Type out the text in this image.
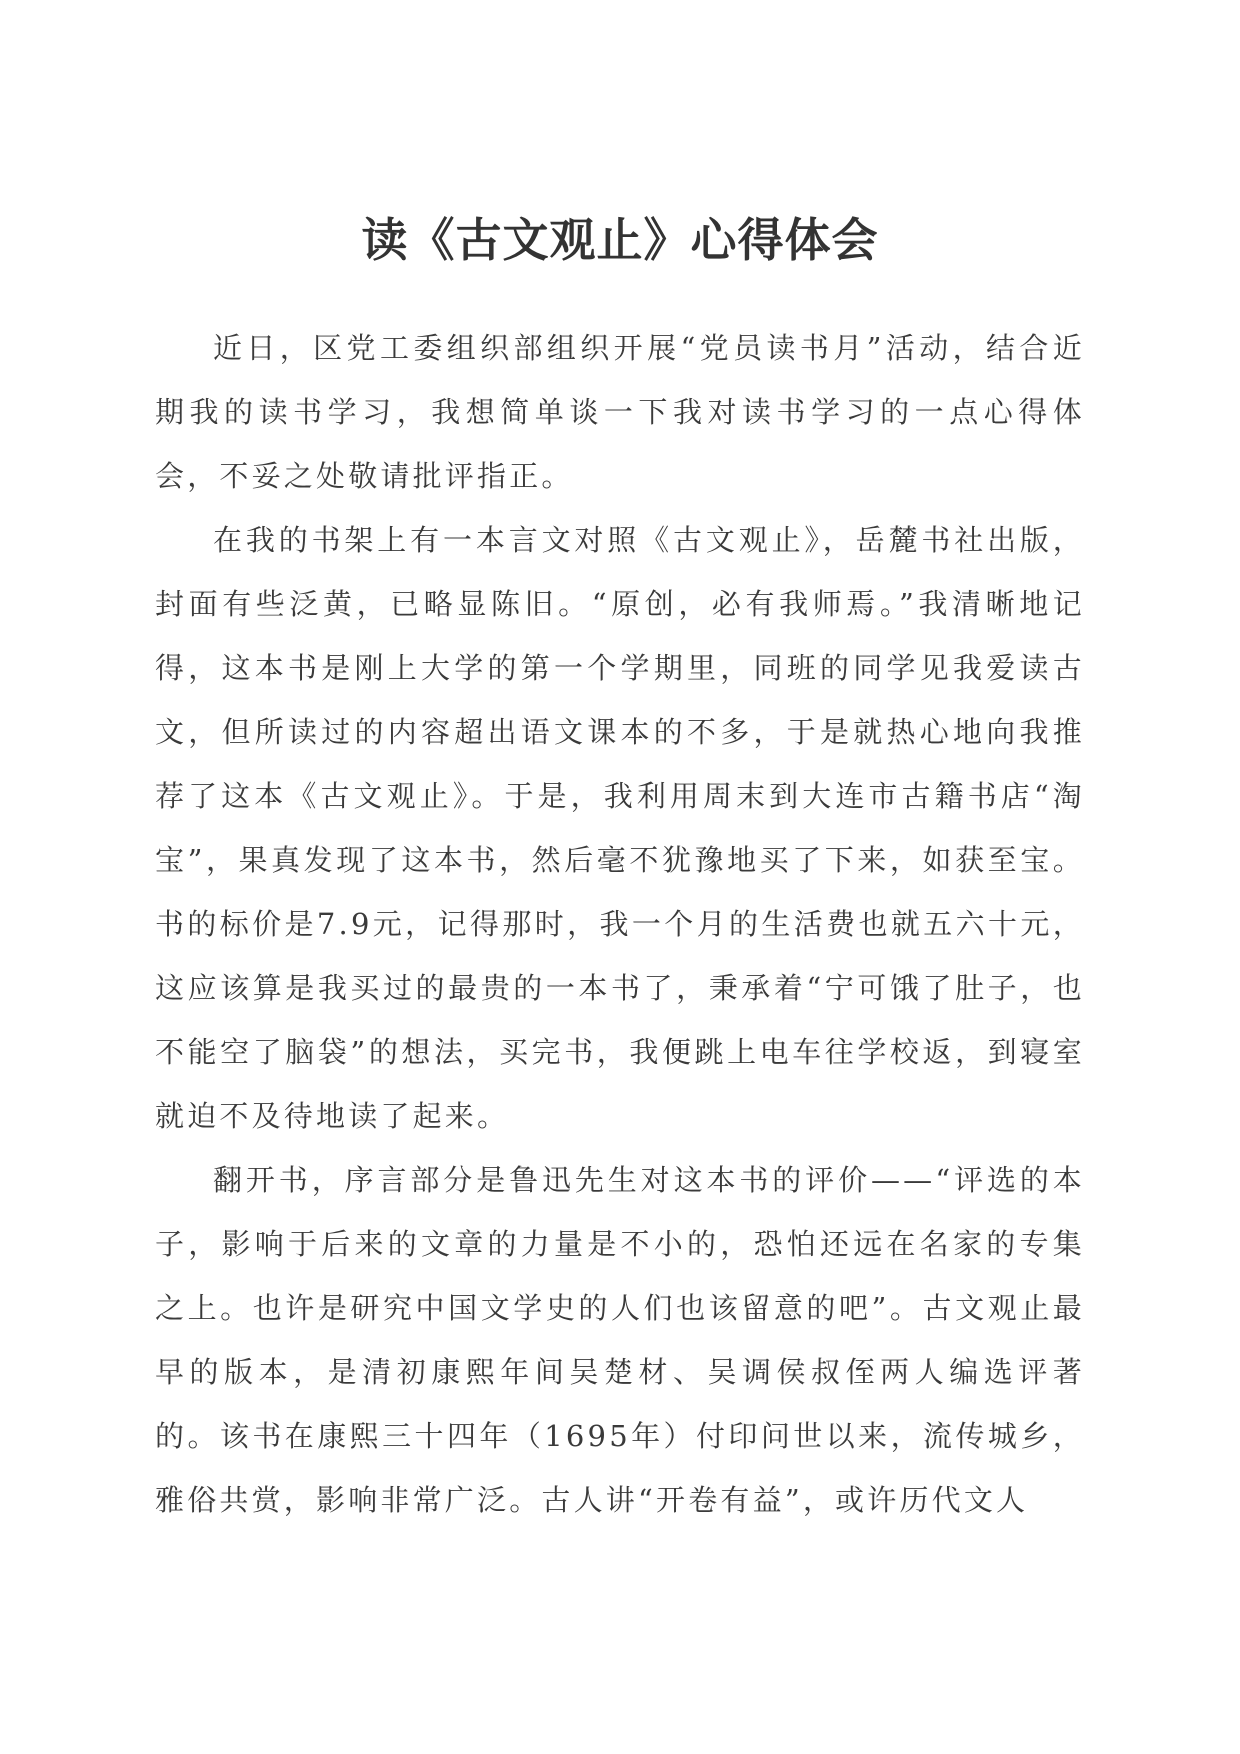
读《古文观止》心得体会

近日，区党工委组织部组织开展“党员读书月”活动，结合近期我的读书学习，我想简单谈一下我对读书学习的一点心得体会，不妥之处敬请批评指正。

在我的书架上有一本言文对照《古文观止》，岳麓书社出版，封面有些泛黄，已略显陈旧。“原创，必有我师焉。”我清晰地记得，这本书是刚上大学的第一个学期里，同班的同学见我爱读古文，但所读过的内容超出语文课本的不多，于是就热心地向我推荐了这本《古文观止》。于是，我利用周末到大连市古籍书店“淘宝”，果真发现了这本书，然后毫不犹豫地买了下来，如获至宝。书的标价是7.9元，记得那时，我一个月的生活费也就五六十元，这应该算是我买过的最贵的一本书了，秉承着“宁可饿了肚子，也不能空了脑袋”的想法，买完书，我便跳上电车往学校返，到寝室就迫不及待地读了起来。

翻开书，序言部分是鲁迅先生对这本书的评价——“评选的本子，影响于后来的文章的力量是不小的，恐怕还远在名家的专集之上。也许是研究中国文学史的人们也该留意的吧”。古文观止最早的版本，是清初康熙年间吴楚材、吴调侯叔侄两人编选评著的。该书在康熙三十四年（1695年）付印问世以来，流传城乡，雅俗共赏，影响非常广泛。古人讲“开卷有益”，或许历代文人
